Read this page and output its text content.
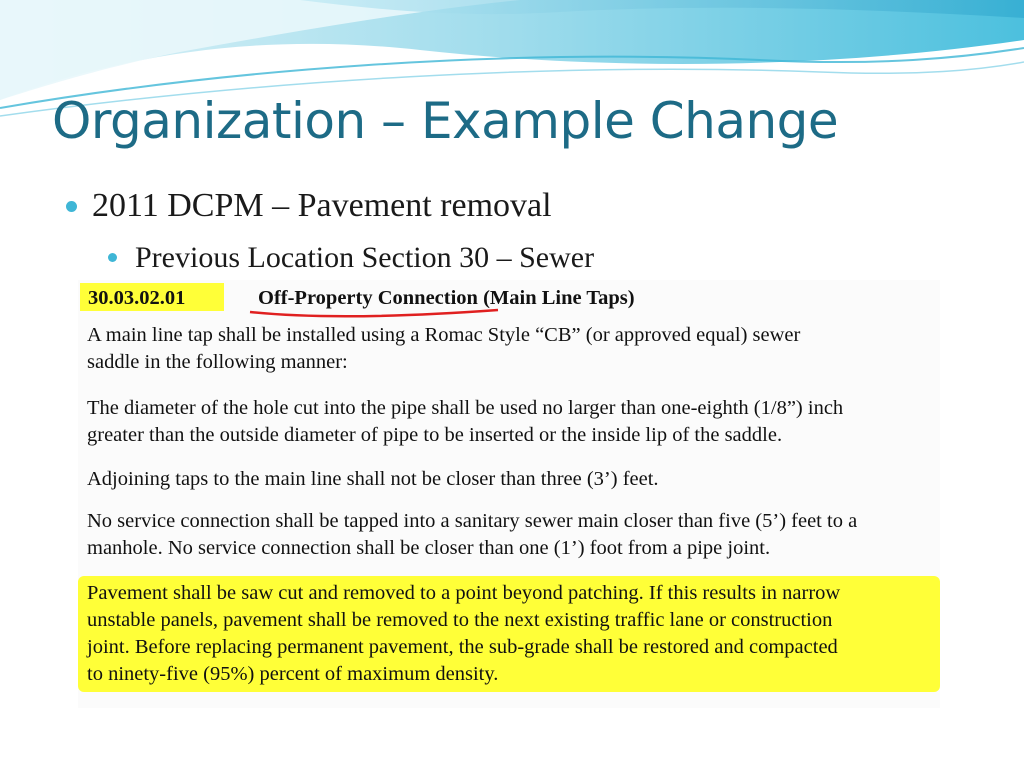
Organization – Example Change

2011 DCPM – Pavement removal

Previous Location Section 30 – Sewer

30.03.02.01	Off-Property Connection (Main Line Taps)
A main line tap shall be installed using a Romac Style “CB” (or approved equal) sewer
saddle in the following manner:
The diameter of the hole cut into the pipe shall be used no larger than one-eighth (1/8”) inch
greater than the outside diameter of pipe to be inserted or the inside lip of the saddle.
Adjoining taps to the main line shall not be closer than three (3’) feet.
No service connection shall be tapped into a sanitary sewer main closer than five (5’) feet to a
manhole. No service connection shall be closer than one (1’) foot from a pipe joint.
Pavement shall be saw cut and removed to a point beyond patching. If this results in narrow
unstable panels, pavement shall be removed to the next existing traffic lane or construction
joint. Before replacing permanent pavement, the sub-grade shall be restored and compacted
to ninety-five (95%) percent of maximum density.
